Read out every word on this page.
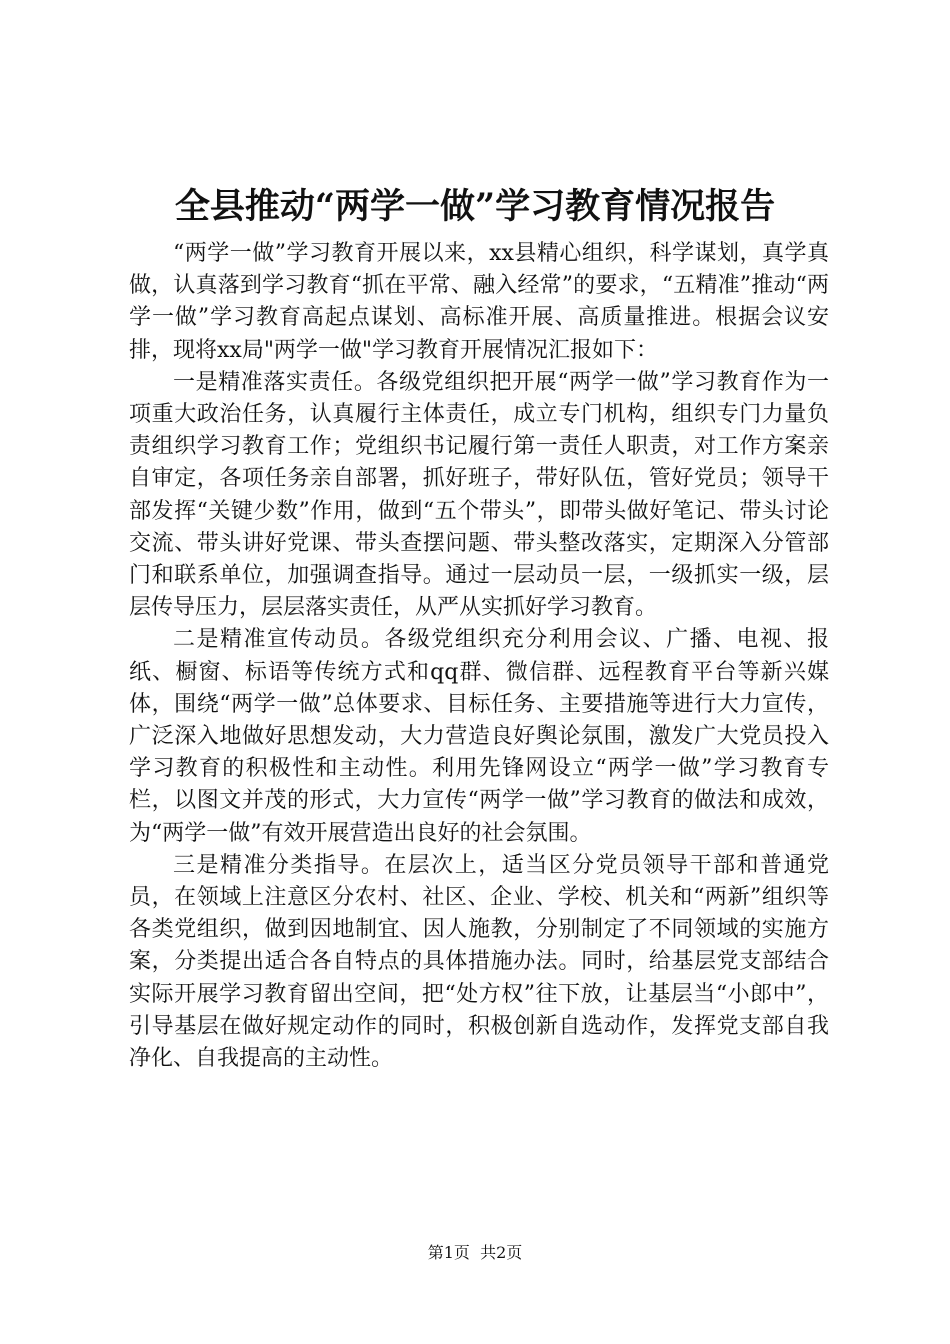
全县推动“两学一做”学习教育情况报告

“两学一做”学习教育开展以来，xx县精心组织，科学谋划，真学真做，认真落到学习教育“抓在平常、融入经常”的要求，“五精准”推动“两学一做”学习教育高起点谋划、高标准开展、高质量推进。根据会议安排，现将xx局"两学一做"学习教育开展情况汇报如下：

一是精准落实责任。各级党组织把开展“两学一做”学习教育作为一项重大政治任务，认真履行主体责任，成立专门机构，组织专门力量负责组织学习教育工作；党组织书记履行第一责任人职责，对工作方案亲自审定，各项任务亲自部署，抓好班子，带好队伍，管好党员；领导干部发挥“关键少数”作用，做到“五个带头”，即带头做好笔记、带头讨论交流、带头讲好党课、带头查摆问题、带头整改落实，定期深入分管部门和联系单位，加强调查指导。通过一层动员一层，一级抓实一级，层层传导压力，层层落实责任，从严从实抓好学习教育。

二是精准宣传动员。各级党组织充分利用会议、广播、电视、报纸、橱窗、标语等传统方式和qq群、微信群、远程教育平台等新兴媒体，围绕“两学一做”总体要求、目标任务、主要措施等进行大力宣传，广泛深入地做好思想发动，大力营造良好舆论氛围，激发广大党员投入学习教育的积极性和主动性。利用先锋网设立“两学一做”学习教育专栏，以图文并茂的形式，大力宣传“两学一做”学习教育的做法和成效，为“两学一做”有效开展营造出良好的社会氛围。

三是精准分类指导。在层次上，适当区分党员领导干部和普通党员，在领域上注意区分农村、社区、企业、学校、机关和“两新”组织等各类党组织，做到因地制宜、因人施教，分别制定了不同领域的实施方案，分类提出适合各自特点的具体措施办法。同时，给基层党支部结合实际开展学习教育留出空间，把“处方权”往下放，让基层当“小郎中”，引导基层在做好规定动作的同时，积极创新自选动作，发挥党支部自我净化、自我提高的主动性。

第1页  共2页
